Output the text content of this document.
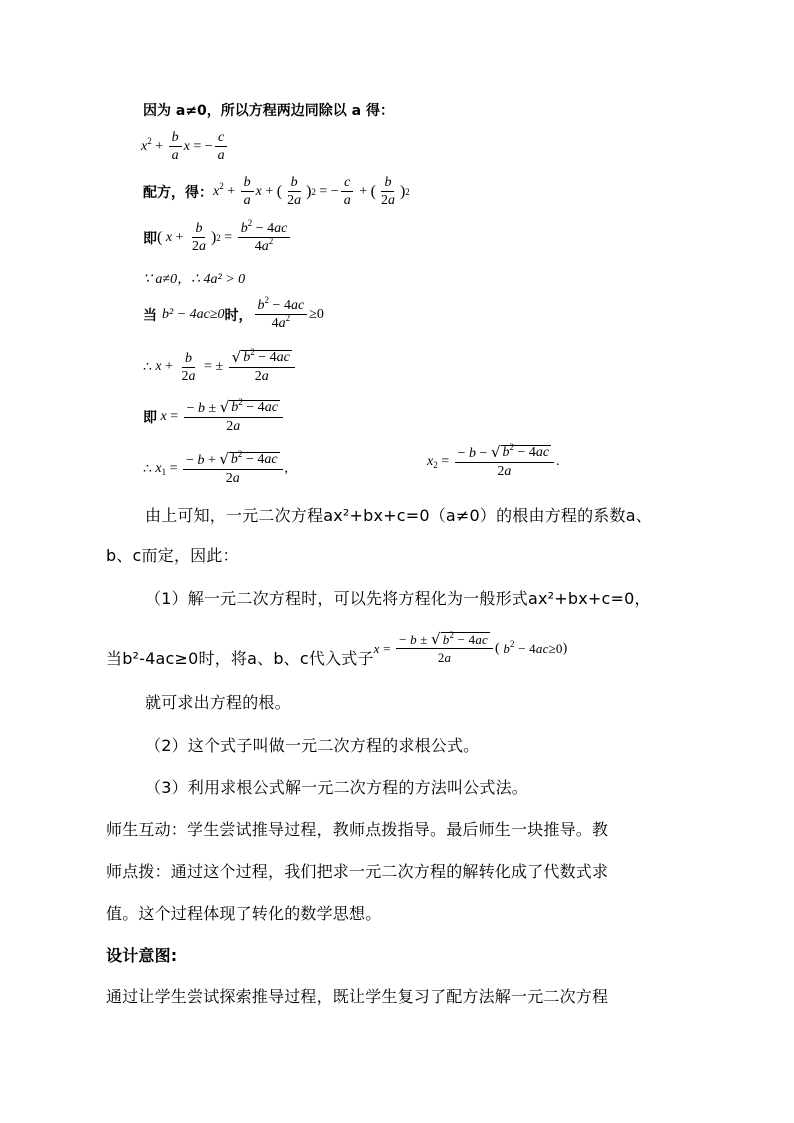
因为 a≠0，所以方程两边同除以 a 得：
$x^2 + \frac{b}{a}$ x = − $\frac{c}{a}$
配方，得： $x^2 + \frac{b}{a}$ x + ( $\frac{b}{2a}$ ) 2 = − $\frac{c}{a}$ + ( $\frac{b}{2a}$ ) 2
即 ( $x + \frac{b}{2a}$ ) $2 = \frac{b^2 - 4ac}{4a^2}$
∵ a≠0，∴ 4a² > 0
当 b² − 4ac≥0 时， $\frac{b^2 - 4ac}{4a^2} \ge 0$
∴ $x + \frac{b}{2a}$ = ± $\frac{√ b^2 - 4ac}{2a}$
即 $x = \frac{- b \pm √ b^2 - 4ac}{2a}$
∴ $x_1 = \frac{- b + √ b^2 - 4ac}{2a}$ ,	$x_2 = \frac{- b - √ b^2 - 4ac}{2a}$ .
由上可知，一元二次方程ax²+bx+c=0（a≠0）的根由方程的系数a、
b、c而定，因此：
（1）解一元二次方程时，可以先将方程化为一般形式ax²+bx+c=0，
当b²-4ac≥0时，将a、b、c代入式子
$x = \frac{- b \pm √ b^2 - 4ac}{2a}$ ( $b^2 - 4ac\ge 0$ )
就可求出方程的根。
（2）这个式子叫做一元二次方程的求根公式。
（3）利用求根公式解一元二次方程的方法叫公式法。
师生互动：学生尝试推导过程，教师点拨指导。最后师生一块推导。教
师点拨：通过这个过程，我们把求一元二次方程的解转化成了代数式求
值。这个过程体现了转化的数学思想。
设计意图:
通过让学生尝试探索推导过程，既让学生复习了配方法解一元二次方程
